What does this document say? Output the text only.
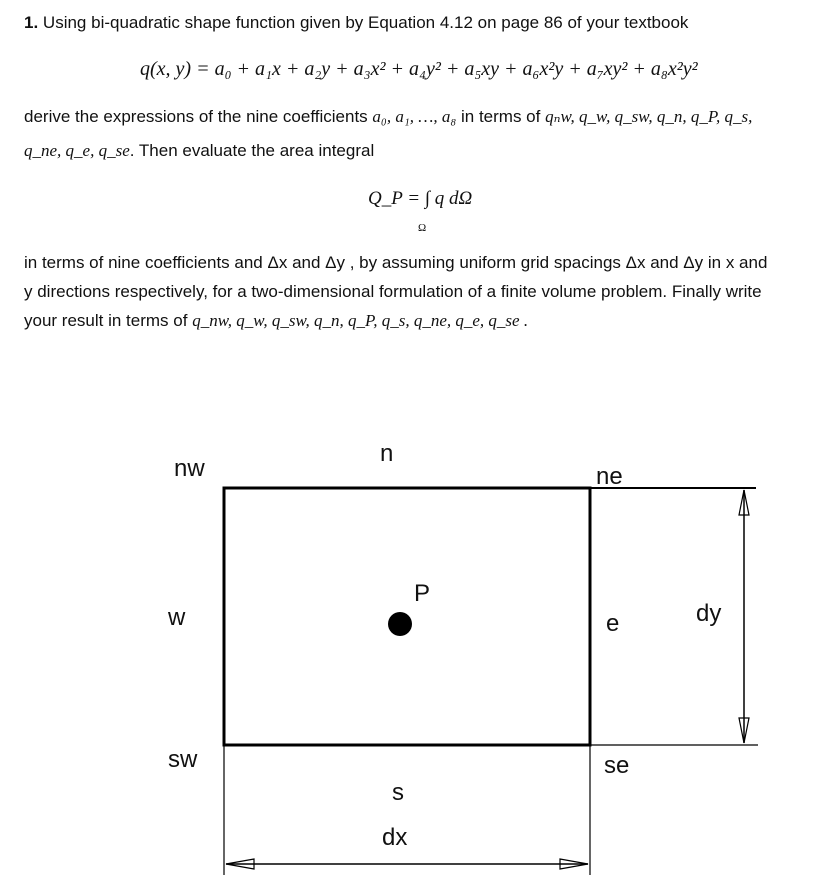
1. Using bi-quadratic shape function given by Equation 4.12 on page 86 of your textbook
q(x, y) = a₀ + a₁x + a₂y + a₃x² + a₄y² + a₅xy + a₆x²y + a₇xy² + a₈x²y²
derive the expressions of the nine coefficients a₀, a₁, …, a₈ in terms of qₙw, q_w, q_sw, q_n, q_P, q_s,
q_ne, q_e, q_se. Then evaluate the area integral
Q_P = ∫ q dΩ
Ω
in terms of nine coefficients and Δx and Δy , by assuming uniform grid spacings Δx and Δy in x and
y directions respectively, for a two-dimensional formulation of a finite volume problem. Finally write
your result in terms of q_nw, q_w, q_sw, q_n, q_P, q_s, q_ne, q_e, q_se .
nw
n
ne
w
P
e	dy
sw
s
se
dx
